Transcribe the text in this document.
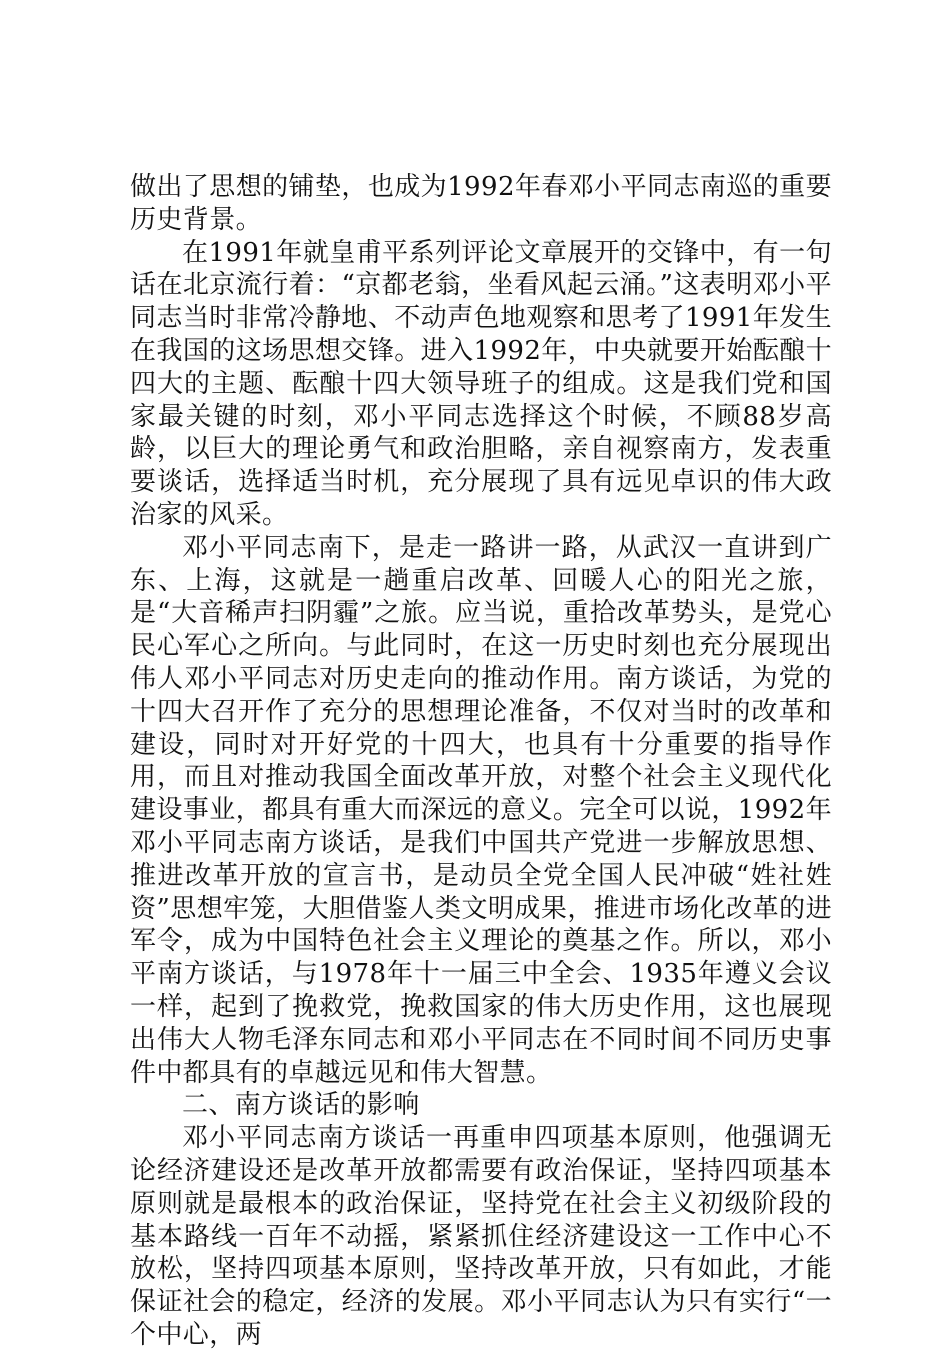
做出了思想的铺垫，也成为1992年春邓小平同志南巡的重要历史背景。

在1991年就皇甫平系列评论文章展开的交锋中，有一句话在北京流行着：“京都老翁，坐看风起云涌。”这表明邓小平同志当时非常冷静地、不动声色地观察和思考了1991年发生在我国的这场思想交锋。进入1992年，中央就要开始酝酿十四大的主题、酝酿十四大领导班子的组成。这是我们党和国家最关键的时刻，邓小平同志选择这个时候，不顾88岁高龄，以巨大的理论勇气和政治胆略，亲自视察南方，发表重要谈话，选择适当时机，充分展现了具有远见卓识的伟大政治家的风采。

邓小平同志南下，是走一路讲一路，从武汉一直讲到广东、上海，这就是一趟重启改革、回暖人心的阳光之旅，是“大音稀声扫阴霾”之旅。应当说，重拾改革势头，是党心民心军心之所向。与此同时，在这一历史时刻也充分展现出伟人邓小平同志对历史走向的推动作用。南方谈话，为党的十四大召开作了充分的思想理论准备，不仅对当时的改革和建设，同时对开好党的十四大，也具有十分重要的指导作用，而且对推动我国全面改革开放，对整个社会主义现代化建设事业，都具有重大而深远的意义。完全可以说，1992年邓小平同志南方谈话，是我们中国共产党进一步解放思想、推进改革开放的宣言书，是动员全党全国人民冲破“姓社姓资”思想牢笼，大胆借鉴人类文明成果，推进市场化改革的进军令，成为中国特色社会主义理论的奠基之作。所以，邓小平南方谈话，与1978年十一届三中全会、1935年遵义会议一样，起到了挽救党，挽救国家的伟大历史作用，这也展现出伟大人物毛泽东同志和邓小平同志在不同时间不同历史事件中都具有的卓越远见和伟大智慧。

二、南方谈话的影响

邓小平同志南方谈话一再重申四项基本原则，他强调无论经济建设还是改革开放都需要有政治保证，坚持四项基本原则就是最根本的政治保证，坚持党在社会主义初级阶段的基本路线一百年不动摇，紧紧抓住经济建设这一工作中心不放松，坚持四项基本原则，坚持改革开放，只有如此，才能保证社会的稳定，经济的发展。邓小平同志认为只有实行“一个中心，两
